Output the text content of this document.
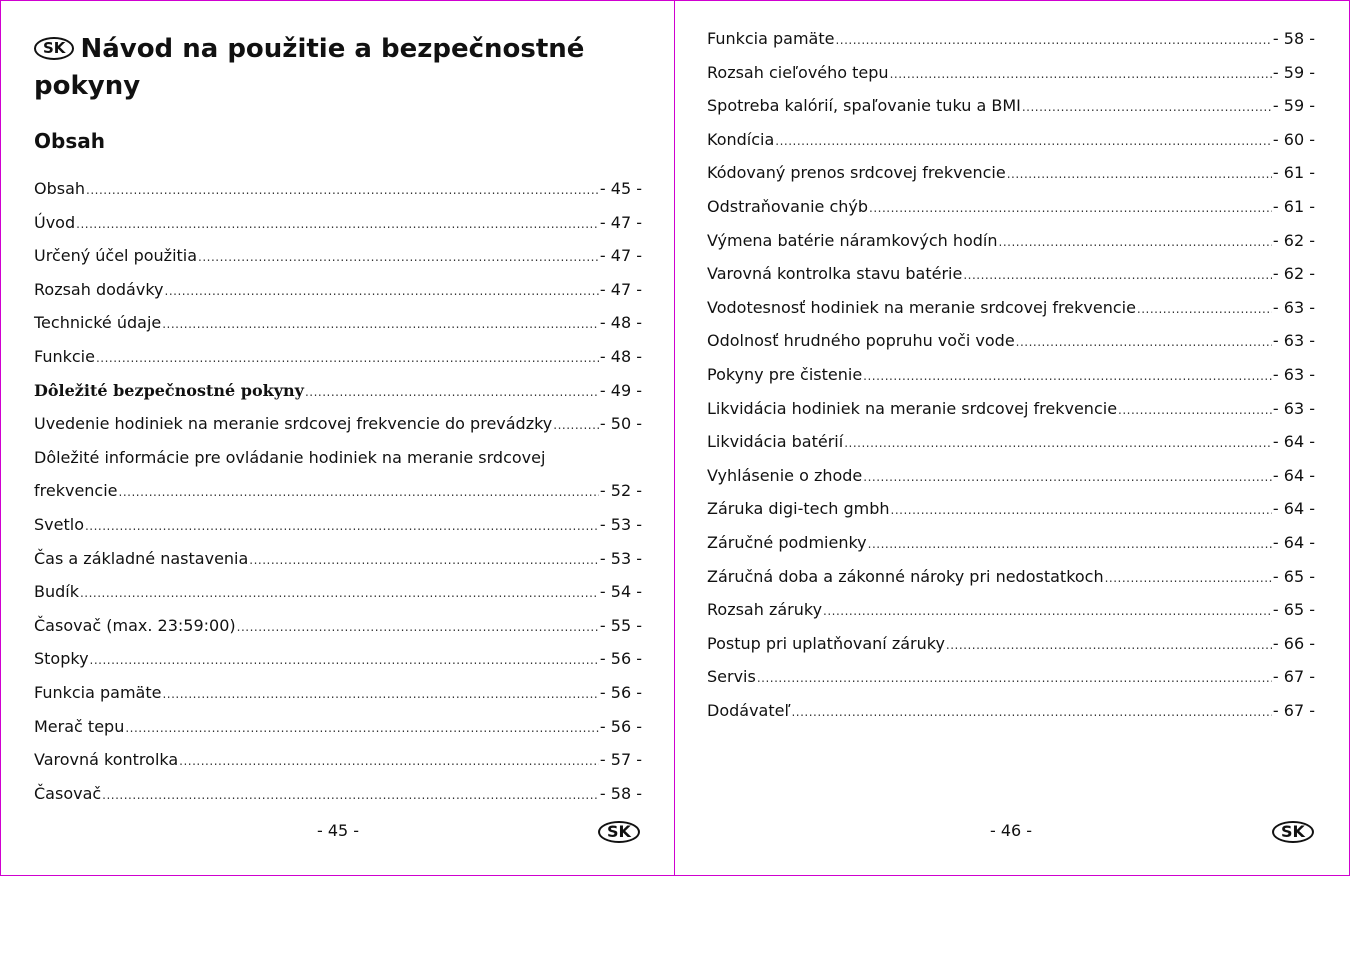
SK Návod na použitie a bezpečnostné pokyny
Obsah
Obsah .....	- 45 -
Úvod .....	- 47 -
Určený účel použitia .....	- 47 -
Rozsah dodávky .....	- 47 -
Technické údaje .....	- 48 -
Funkcie .....	- 48 -
Dôležité bezpečnostné pokyny .....	- 49 -
Uvedenie hodiniek na meranie srdcovej frekvencie do prevádzky .....	- 50 -
Dôležité informácie pre ovládanie hodiniek na meranie srdcovej
frekvencie .....	- 52 -
Svetlo .....	- 53 -
Čas a základné nastavenia .....	- 53 -
Budík .....	- 54 -
Časovač (max. 23:59:00) .....	- 55 -
Stopky .....	- 56 -
Funkcia pamäte .....	- 56 -
Merač tepu .....	- 56 -
Varovná kontrolka .....	- 57 -
Časovač .....	- 58 -
- 45 -	SK
Funkcia pamäte .....	- 58 -
Rozsah cieľového tepu .....	- 59 -
Spotreba kalórií, spaľovanie tuku a BMI .....	- 59 -
Kondícia .....	- 60 -
Kódovaný prenos srdcovej frekvencie .....	- 61 -
Odstraňovanie chýb .....	- 61 -
Výmena batérie náramkových hodín .....	- 62 -
Varovná kontrolka stavu batérie .....	- 62 -
Vodotesnosť hodiniek na meranie srdcovej frekvencie .....	- 63 -
Odolnosť hrudného popruhu voči vode .....	- 63 -
Pokyny pre čistenie .....	- 63 -
Likvidácia hodiniek na meranie srdcovej frekvencie .....	- 63 -
Likvidácia batérií .....	- 64 -
Vyhlásenie o zhode .....	- 64 -
Záruka digi-tech gmbh .....	- 64 -
Záručné podmienky .....	- 64 -
Záručná doba a zákonné nároky pri nedostatkoch .....	- 65 -
Rozsah záruky .....	- 65 -
Postup pri uplatňovaní záruky .....	- 66 -
Servis .....	- 67 -
Dodávateľ .....	- 67 -
- 46 -	SK
